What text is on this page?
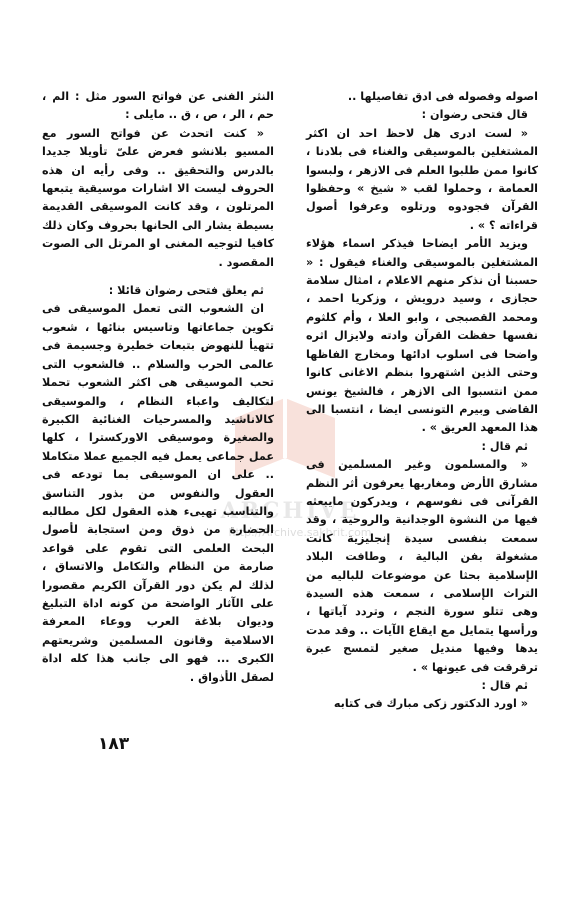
ARCHIVE
http://Archive.sakhrit.com

اصوله وفصوله فى ادق تفاصيلها ..

قال فتحى رضوان :

« لست ادرى هل لاحظ احد ان اكثر المشتغلين بالموسيقى والغناء فى بلادنا ، كانوا ممن طلبوا العلم فى الازهر ، ولبسوا العمامة ، وحملوا لقب « شيخ » وحفظوا القرآن فجودوه ورتلوه وعرفوا أصول قراءاته ؟ » .

ويزيد الأمر ايضاحا فيذكر اسماء هؤلاء المشتغلين بالموسيقى والغناء فيقول : « حسبنا أن نذكر منهم الاعلام ، امثال سلامة حجازى ، وسيد درويش ، وزكريا احمد ، ومحمد القصبجى ، وابو العلا ، وأم كلثوم نفسها حفظت القرآن وادته ولايزال اثره واضحا فى اسلوب ادائها ومخارج الفاظها وحتى الذين اشتهروا بنظم الاغانى كانوا ممن انتسبوا الى الازهر ، فالشيخ يونس القاضى وبيرم التونسى ايضا ، انتسبا الى هذا المعهد العريق » .

ثم قال :

« والمسلمون وغير المسلمين فى مشارق الأرض ومغاربها يعرفون أثر النظم القرآنى فى نفوسهم ، ويدركون مايبعثه فيها من النشوة الوجدانية والروحية ، وقد سمعت بنفسى سيدة إنجليزية كانت مشغولة بفن البالية ، وطافت البلاد الإسلامية بحثا عن موضوعات للباليه من التراث الإسلامى ، سمعت هذه السيدة وهى تتلو سورة النجم ، وتردد آياتها ، ورأسها يتمايل مع ايقاع الآيات .. وقد مدت يدها وفيها منديل صغير لتمسح عبرة ترقرقت فى عيونها » .

ثم قال :

« اورد الدكتور زكى مبارك فى كتابه

النثر الفنى عن فواتح السور مثل : الم ، حم ، الر ، ص ، ق .. مايلى :

« كنت اتحدث عن فواتح السور مع المسيو بلانشو فعرض علىّ تأويلا جديدا بالدرس والتحقيق .. وفى رأيه ان هذه الحروف ليست الا اشارات موسيقية يتبعها المرتلون ، وقد كانت الموسيقى القديمة بسيطة يشار الى الحانها بحروف وكان ذلك كافيا لتوجيه المغنى او المرتل الى الصوت المقصود .

ثم يعلق فتحى رضوان قائلا :

ان الشعوب التى تعمل الموسيقى فى تكوين جماعاتها وتاسيس بنائها ، شعوب تتهيأ للنهوض بتبعات خطيرة وجسيمة فى عالمى الحرب والسلام .. فالشعوب التى تحب الموسيقى هى اكثر الشعوب تحملا لتكاليف واعباء النظام ، والموسيقى كالاناشيد والمسرحيات الغنائية الكبيرة والصغيرة وموسيقى الاوركسترا ، كلها عمل جماعى يعمل فيه الجميع عملا متكاملا .. على ان الموسيقى بما تودعه فى العقول والنفوس من بذور التناسق والتناسب تهيىء هذه العقول لكل مطالبه الحضارة من ذوق ومن استجابة لأصول البحث العلمى التى تقوم على قواعد صارمة من النظام والتكامل والاتساق ، لذلك لم يكن دور القرآن الكريم مقصورا على الآثار الواضحة من كونه اداة التبليغ وديوان بلاغة العرب ووعاء المعرفة الاسلامية وقانون المسلمين وشريعتهم الكبرى ... فهو الى جانب هذا كله اداة لصقل الأذواق .

١٨٣
